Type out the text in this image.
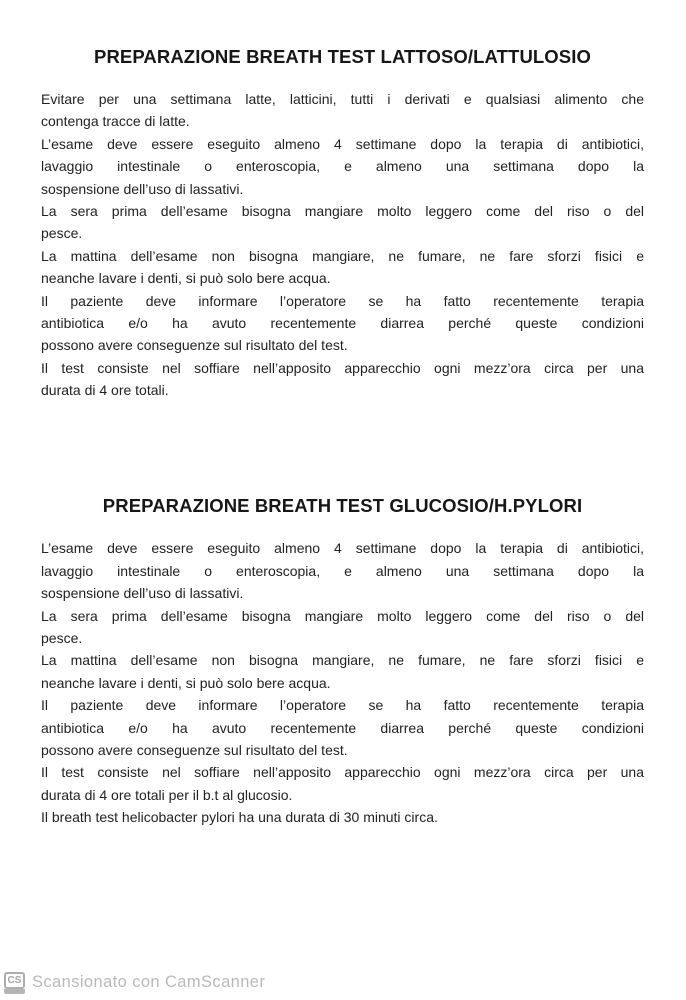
PREPARAZIONE BREATH TEST LATTOSO/LATTULOSIO
Evitare per una settimana latte, latticini, tutti i derivati e qualsiasi alimento che
contenga tracce di latte.
L’esame deve essere eseguito almeno 4 settimane dopo la terapia di antibiotici,
lavaggio intestinale o enteroscopia, e almeno una settimana dopo la
sospensione dell’uso di lassativi.
La sera prima dell’esame bisogna mangiare molto leggero come del riso o del
pesce.
La mattina dell’esame non bisogna mangiare, ne fumare, ne fare sforzi fisici e
neanche lavare i denti, si può solo bere acqua.
Il paziente deve informare l’operatore se ha fatto recentemente terapia
antibiotica e/o ha avuto recentemente diarrea perché queste condizioni
possono avere conseguenze sul risultato del test.
Il test consiste nel soffiare nell’apposito apparecchio ogni mezz’ora circa per una
durata di 4 ore totali.
PREPARAZIONE BREATH TEST GLUCOSIO/H.PYLORI
L’esame deve essere eseguito almeno 4 settimane dopo la terapia di antibiotici,
lavaggio intestinale o enteroscopia, e almeno una settimana dopo la
sospensione dell’uso di lassativi.
La sera prima dell’esame bisogna mangiare molto leggero come del riso o del
pesce.
La mattina dell’esame non bisogna mangiare, ne fumare, ne fare sforzi fisici e
neanche lavare i denti, si può solo bere acqua.
Il paziente deve informare l’operatore se ha fatto recentemente terapia
antibiotica e/o ha avuto recentemente diarrea perché queste condizioni
possono avere conseguenze sul risultato del test.
Il test consiste nel soffiare nell’apposito apparecchio ogni mezz’ora circa per una
durata di 4 ore totali per il b.t al glucosio.
Il breath test helicobacter pylori ha una durata di 30 minuti circa.
CS Scansionato con CamScanner
